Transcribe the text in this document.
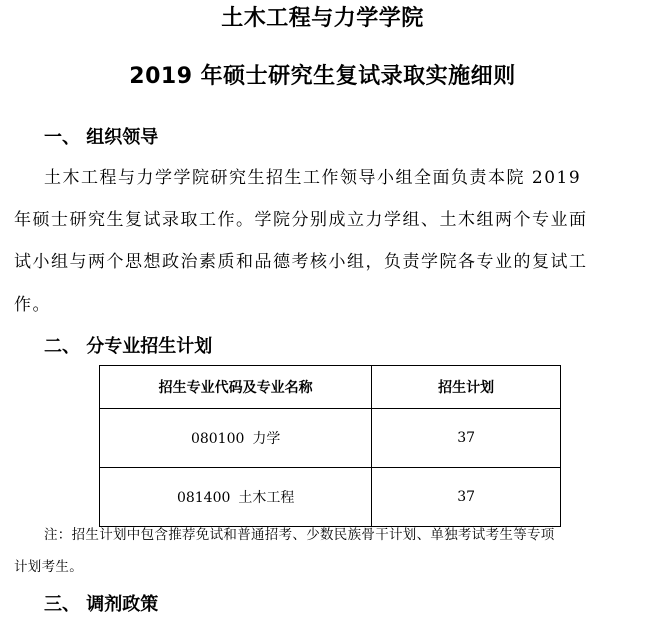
土木工程与力学学院
2019 年硕士研究生复试录取实施细则
一、 组织领导
土木工程与力学学院研究生招生工作领导小组全面负责本院 2019
年硕士研究生复试录取工作。学院分别成立力学组、土木组两个专业面
试小组与两个思想政治素质和品德考核小组，负责学院各专业的复试工
作。
二、 分专业招生计划
招生专业代码及专业名称	招生计划
080100 力学	37
081400 土木工程	37
注：招生计划中包含推荐免试和普通招考、少数民族骨干计划、单独考试考生等专项
计划考生。
三、 调剂政策
